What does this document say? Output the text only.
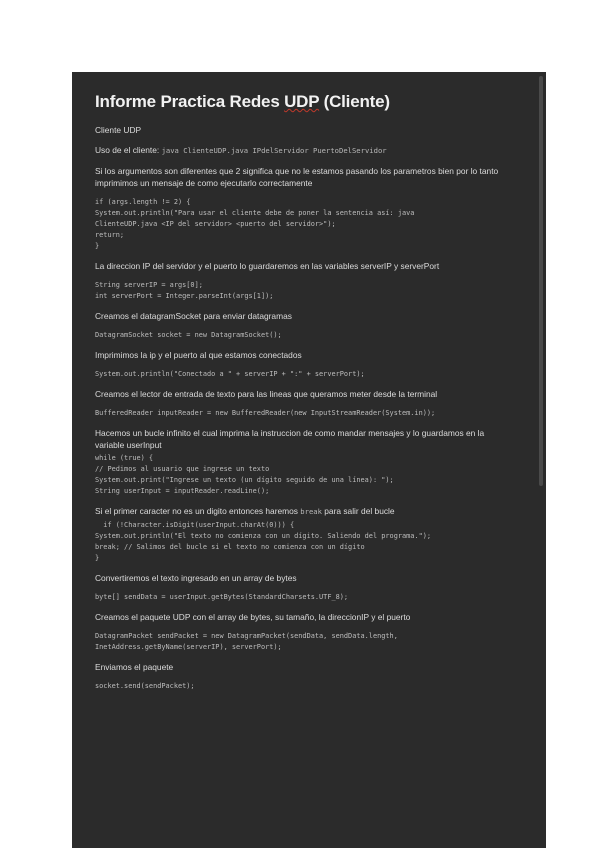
Informe Practica Redes UDP (Cliente)
Cliente UDP
Uso de el cliente: java ClienteUDP.java IPdelServidor PuertoDelServidor
Si los argumentos son diferentes que 2 significa que no le estamos pasando los parametros bien por lo tanto imprimimos un mensaje de como ejecutarlo correctamente
if (args.length != 2) {
System.out.println("Para usar el cliente debe de poner la sentencia así: java
ClienteUDP.java <IP del servidor> <puerto del servidor>");
return;
}
La direccion IP del servidor y el puerto lo guardaremos en las variables serverIP y serverPort
String serverIP = args[0];
int serverPort = Integer.parseInt(args[1]);
Creamos el datagramSocket para enviar datagramas
DatagramSocket socket = new DatagramSocket();
Imprimimos la ip y el puerto al que estamos conectados
System.out.println("Conectado a " + serverIP + ":" + serverPort);
Creamos el lector de entrada de texto para las lineas que queramos meter desde la terminal
BufferedReader inputReader = new BufferedReader(new InputStreamReader(System.in));
Hacemos un bucle infinito el cual imprima la instruccion de como mandar mensajes y lo guardamos en la variable userInput
while (true) {
// Pedimos al usuario que ingrese un texto
System.out.print("Ingrese un texto (un dígito seguido de una línea): ");
String userInput = inputReader.readLine();
Si el primer caracter no es un digito entonces haremos break para salir del bucle
if (!Character.isDigit(userInput.charAt(0))) {
System.out.println("El texto no comienza con un dígito. Saliendo del programa.");
break; // Salimos del bucle si el texto no comienza con un dígito
}
Convertiremos el texto ingresado en un array de bytes
byte[] sendData = userInput.getBytes(StandardCharsets.UTF_8);
Creamos el paquete UDP con el array de bytes, su tamaño, la direccionIP y el puerto
DatagramPacket sendPacket = new DatagramPacket(sendData, sendData.length,
InetAddress.getByName(serverIP), serverPort);
Enviamos el paquete
socket.send(sendPacket);
